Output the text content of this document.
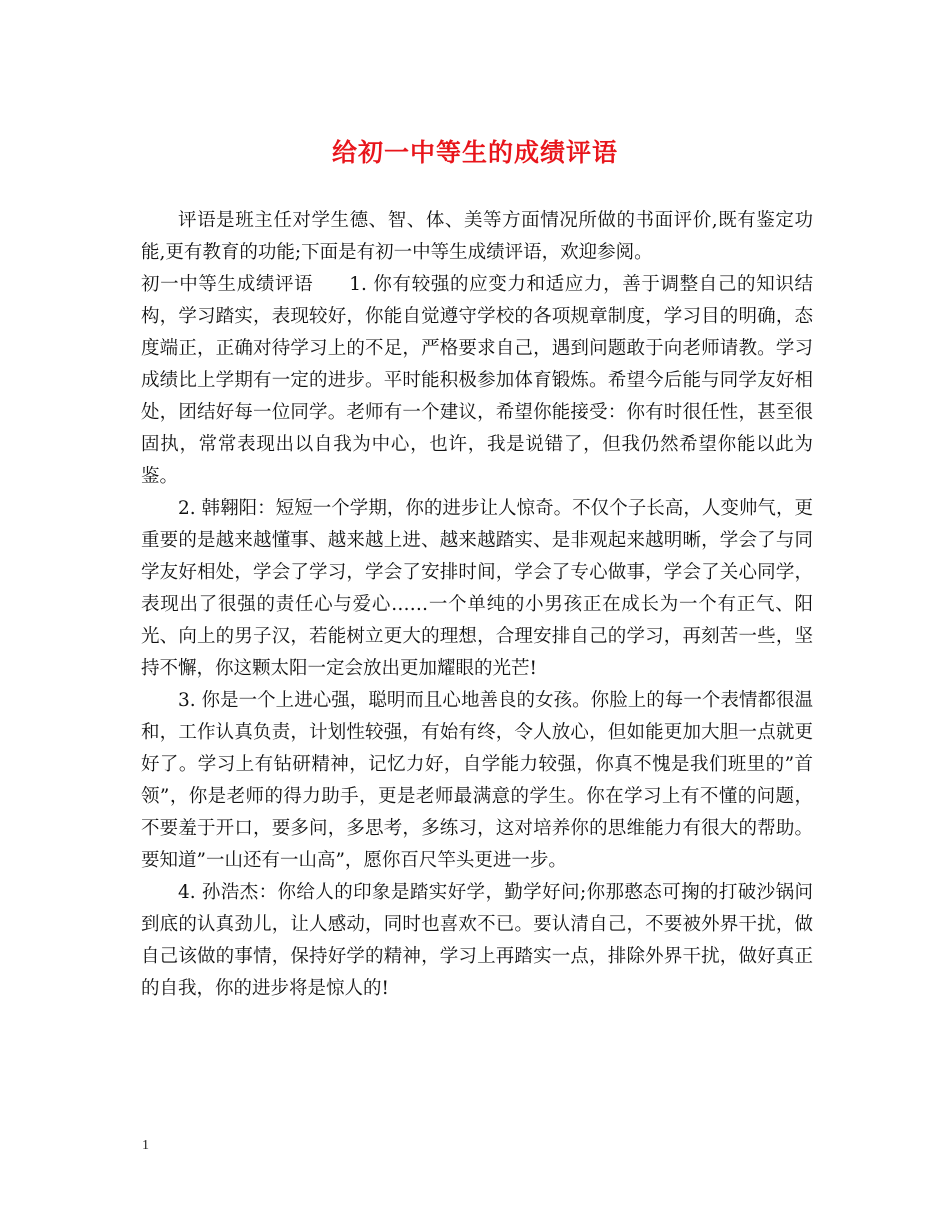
给初一中等生的成绩评语

评语是班主任对学生德、智、体、美等方面情况所做的书面评价,既有鉴定功能,更有教育的功能;下面是有初一中等生成绩评语，欢迎参阅。

初一中等生成绩评语 1. 你有较强的应变力和适应力，善于调整自己的知识结构，学习踏实，表现较好，你能自觉遵守学校的各项规章制度，学习目的明确，态度端正，正确对待学习上的不足，严格要求自己，遇到问题敢于向老师请教。学习成绩比上学期有一定的进步。平时能积极参加体育锻炼。希望今后能与同学友好相处，团结好每一位同学。老师有一个建议，希望你能接受：你有时很任性，甚至很固执，常常表现出以自我为中心，也许，我是说错了，但我仍然希望你能以此为鉴。

2. 韩翱阳：短短一个学期，你的进步让人惊奇。不仅个子长高，人变帅气，更重要的是越来越懂事、越来越上进、越来越踏实、是非观起来越明晰，学会了与同学友好相处，学会了学习，学会了安排时间，学会了专心做事，学会了关心同学，表现出了很强的责任心与爱心……一个单纯的小男孩正在成长为一个有正气、阳光、向上的男子汉，若能树立更大的理想，合理安排自己的学习，再刻苦一些，坚持不懈，你这颗太阳一定会放出更加耀眼的光芒!

3. 你是一个上进心强，聪明而且心地善良的女孩。你脸上的每一个表情都很温和，工作认真负责，计划性较强，有始有终，令人放心，但如能更加大胆一点就更好了。学习上有钻研精神，记忆力好，自学能力较强，你真不愧是我们班里的”首领”，你是老师的得力助手，更是老师最满意的学生。你在学习上有不懂的问题，不要羞于开口，要多问，多思考，多练习，这对培养你的思维能力有很大的帮助。要知道”一山还有一山高”，愿你百尺竿头更进一步。

4. 孙浩杰：你给人的印象是踏实好学，勤学好问;你那憨态可掬的打破沙锅问到底的认真劲儿，让人感动，同时也喜欢不已。要认清自己，不要被外界干扰，做自己该做的事情，保持好学的精神，学习上再踏实一点，排除外界干扰，做好真正的自我，你的进步将是惊人的!

1
